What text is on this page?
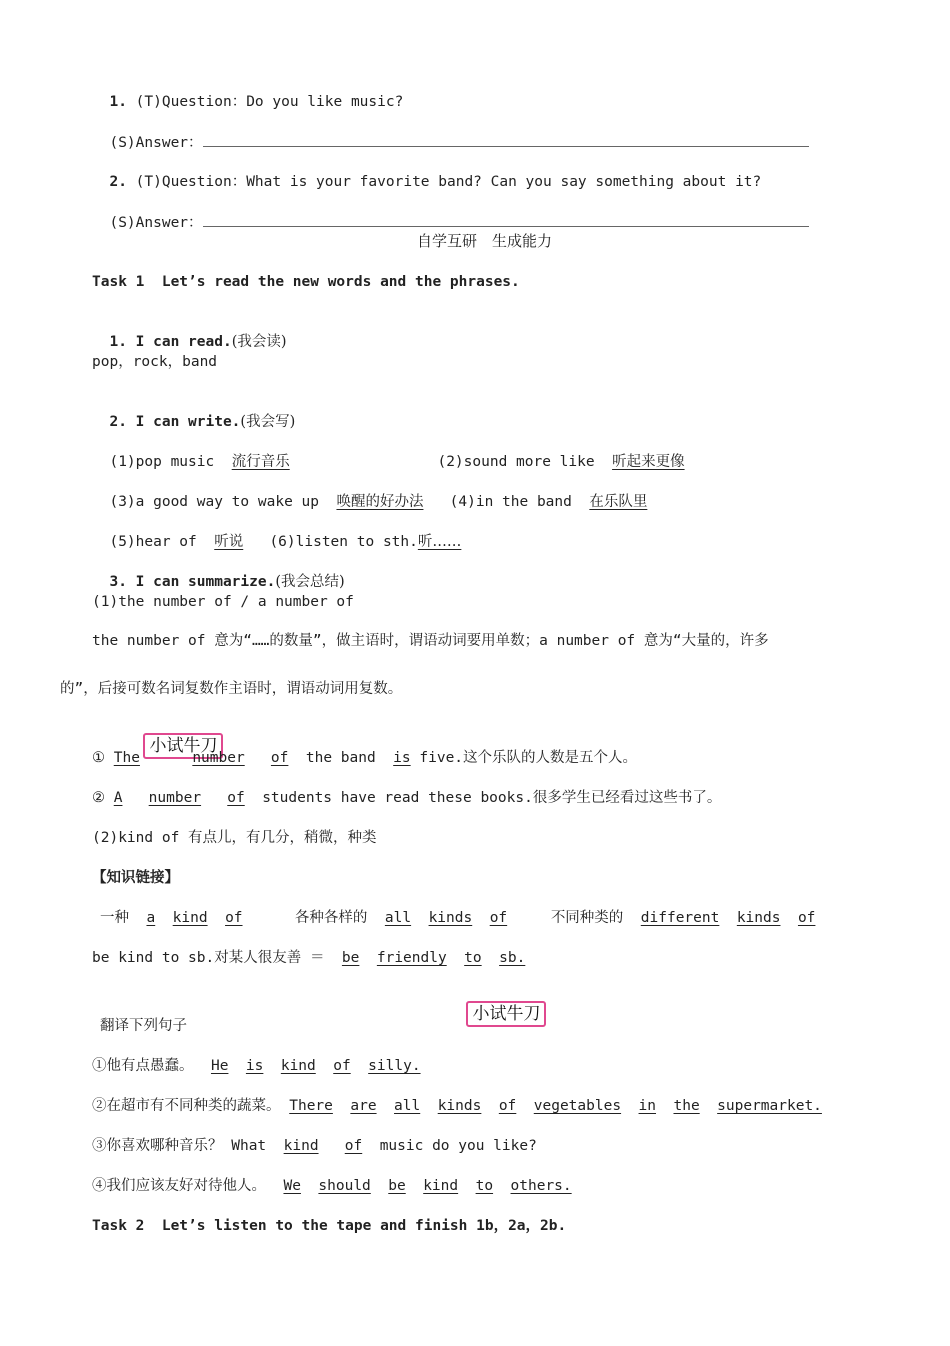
1. (T)Question：Do you like music?

(S)Answer：

2. (T)Question：What is your favorite band? Can you say something about it?

(S)Answer：

自学互研　生成能力
Task 1  Let’s read the new words and the phrases.

1. I can read.(我会读)

pop，rock，band

2. I can write.(我会写)

(1)pop music 流行音乐	(2)sound more like 听起来更像

(3)a good way to wake up 唤醒的好办法 (4)in the band 在乐队里

(5)hear of 听说 (6)listen to sth.听……

3. I can summarize.(我会总结)

(1)the number of / a number of
the number of 意为“……的数量”，做主语时，谓语动词要用单数；a number of 意为“大量的，许多
的”，后接可数名词复数作主语时，谓语动词用复数。

小试牛刀

① The	number of the band is five.这个乐队的人数是五个人。
② A number of students have read these books.很多学生已经看过这些书了。
(2)kind of 有点儿，有几分，稍微，种类
【知识链接】
一种 a kind of	各种各样的 all kinds of	不同种类的 different kinds of
be kind to sb.对某人很友善 ＝ be friendly to sb.

小试牛刀

翻译下列句子
①他有点愚蠢。 He is kind of silly.
②在超市有不同种类的蔬菜。 There are all kinds of vegetables in the supermarket.
③你喜欢哪种音乐？ What kind of music do you like?
④我们应该友好对待他人。 We should be kind to others.
Task 2  Let’s listen to the tape and finish 1b，2a，2b.
